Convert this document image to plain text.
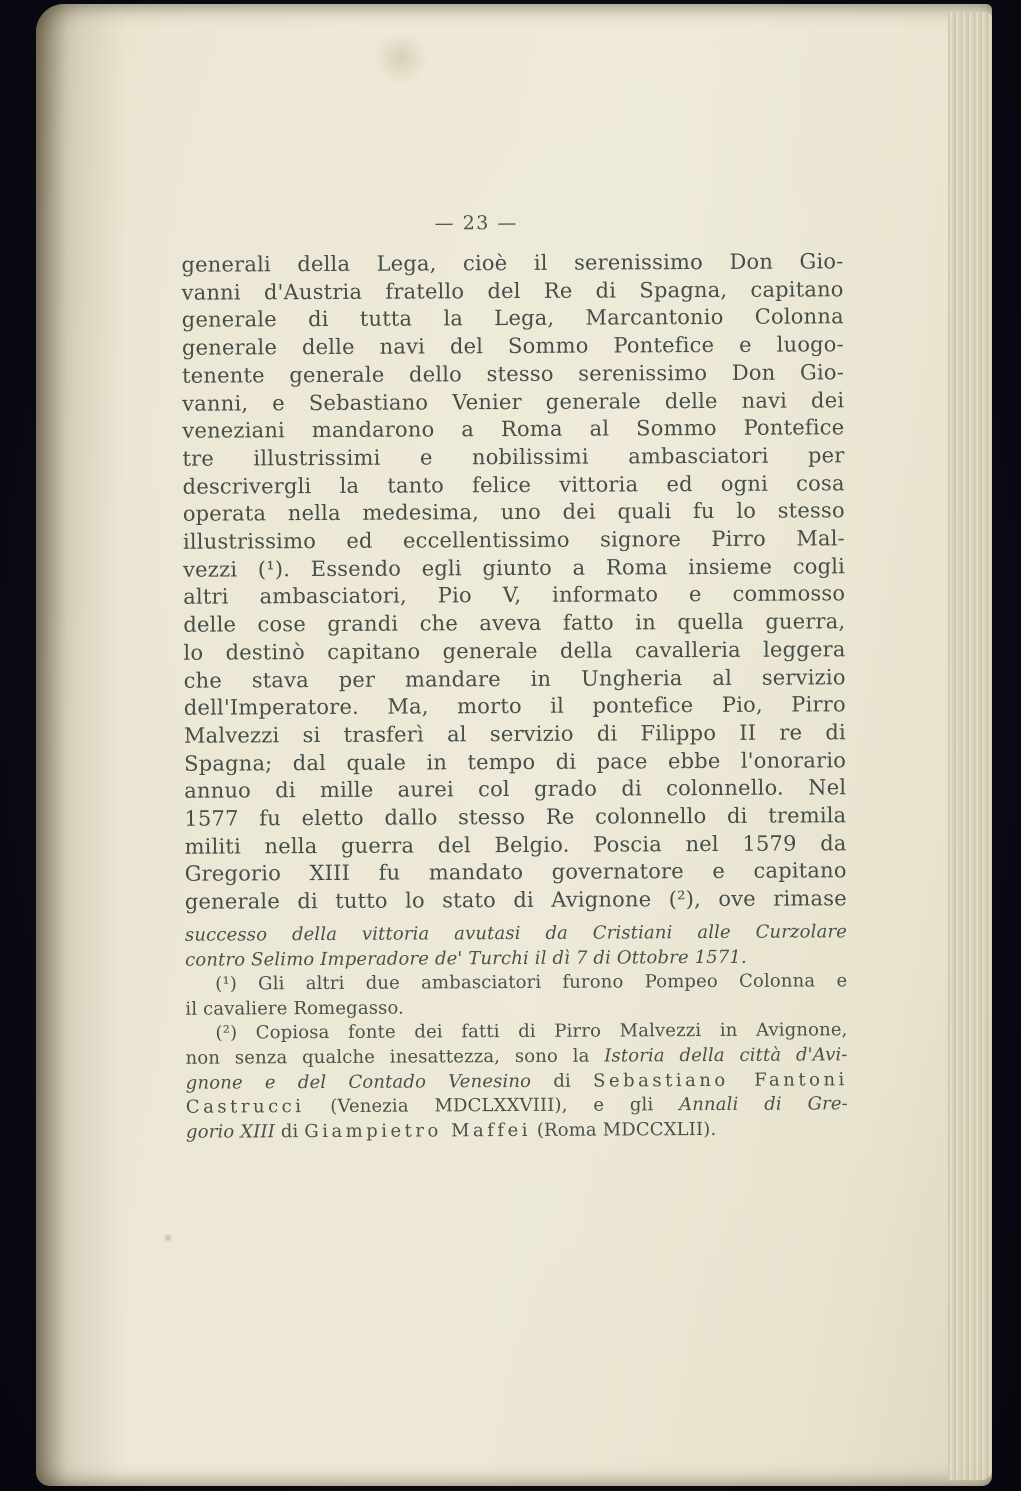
— 23 —
generali della Lega, cioè il serenissimo Don Gio-
vanni d'Austria fratello del Re di Spagna, capitano
generale di tutta la Lega, Marcantonio Colonna
generale delle navi del Sommo Pontefice e luogo-
tenente generale dello stesso serenissimo Don Gio-
vanni, e Sebastiano Venier generale delle navi dei
veneziani mandarono a Roma al Sommo Pontefice
tre illustrissimi e nobilissimi ambasciatori per
descrivergli la tanto felice vittoria ed ogni cosa
operata nella medesima, uno dei quali fu lo stesso
illustrissimo ed eccellentissimo signore Pirro Mal-
vezzi (¹). Essendo egli giunto a Roma insieme cogli
altri ambasciatori, Pio V, informato e commosso
delle cose grandi che aveva fatto in quella guerra,
lo destinò capitano generale della cavalleria leggera
che stava per mandare in Ungheria al servizio
dell'Imperatore. Ma, morto il pontefice Pio, Pirro
Malvezzi si trasferì al servizio di Filippo II re di
Spagna; dal quale in tempo di pace ebbe l'onorario
annuo di mille aurei col grado di colonnello. Nel
1577 fu eletto dallo stesso Re colonnello di tremila
militi nella guerra del Belgio. Poscia nel 1579 da
Gregorio XIII fu mandato governatore e capitano
generale di tutto lo stato di Avignone (²), ove rimase
successo della vittoria avutasi da Cristiani alle Curzolare
contro Selimo Imperadore de' Turchi il dì 7 di Ottobre 1571.
(¹) Gli altri due ambasciatori furono Pompeo Colonna e
il cavaliere Romegasso.
(²) Copiosa fonte dei fatti di Pirro Malvezzi in Avignone,
non senza qualche inesattezza, sono la Istoria della città d'Avi-
gnone e del Contado Venesino di Sebastiano Fantoni
Castrucci (Venezia MDCLXXVIII), e gli Annali di Gre-
gorio XIII di Giampietro Maffei (Roma MDCCXLII).
